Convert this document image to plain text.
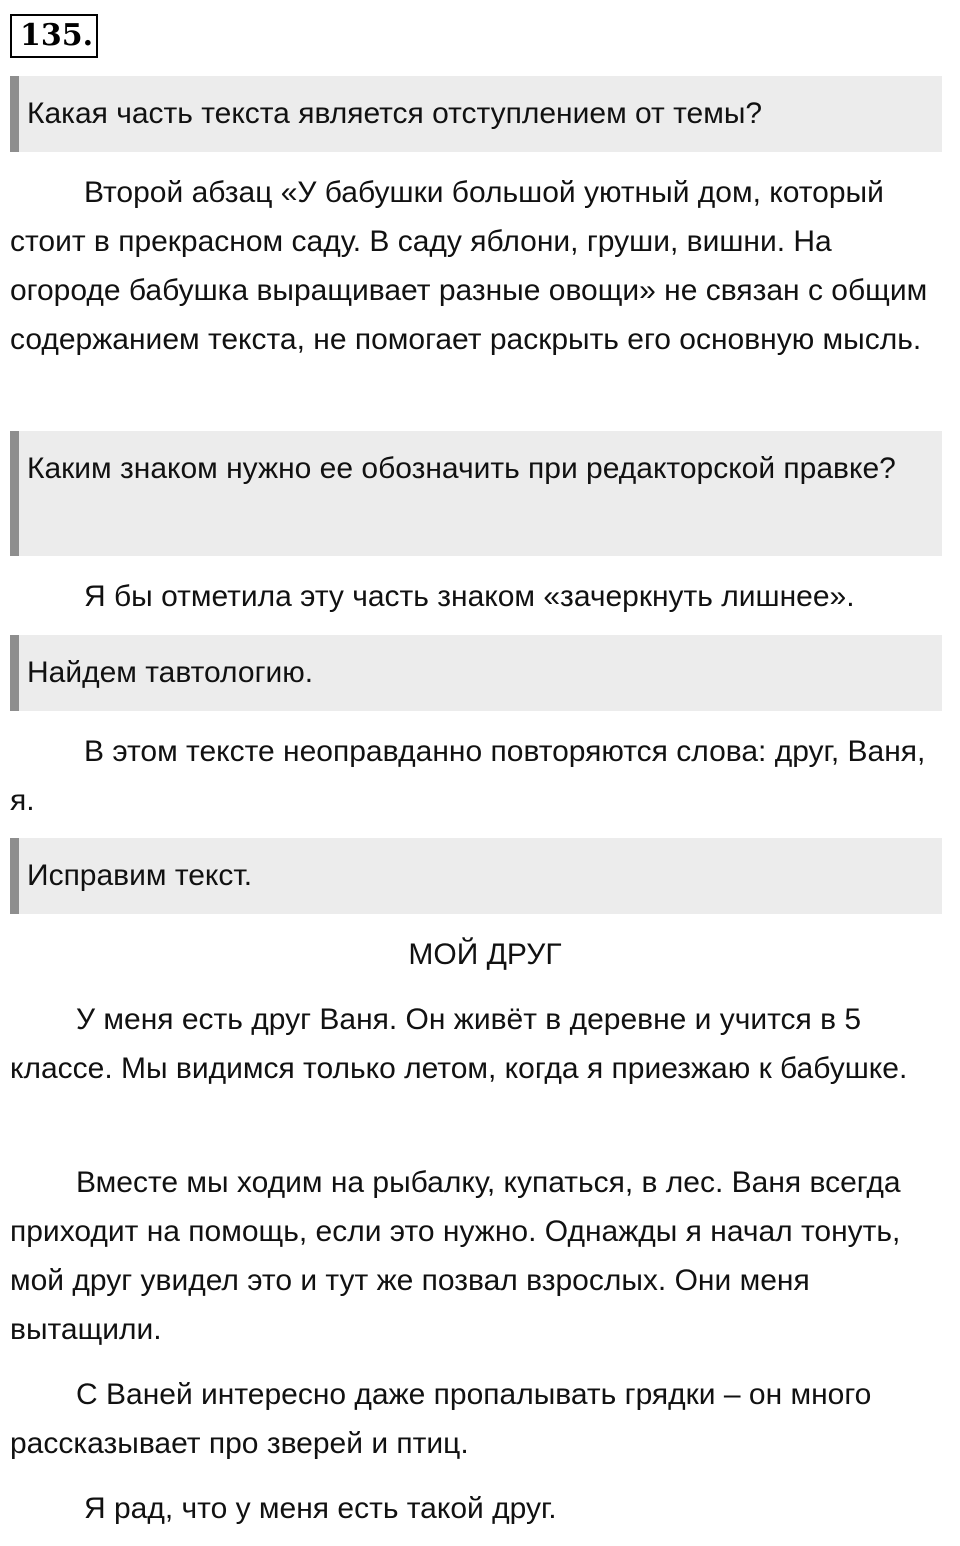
135.
Какая часть текста является отступлением от темы?

Второй абзац «У бабушки большой уютный дом, который стоит в прекрасном саду. В саду яблони, груши, вишни. На огороде бабушка выращивает разные овощи» не связан с общим содержанием текста, не помогает раскрыть его основную мысль.

Каким знаком нужно ее обозначить при редакторской правке?

Я бы отметила эту часть знаком «зачеркнуть лишнее».

Найдем тавтологию.

В этом тексте неоправданно повторяются слова: друг, Ваня, я.

Исправим текст.

МОЙ ДРУГ

У меня есть друг Ваня. Он живёт в деревне и учится в 5 классе. Мы видимся только летом, когда я приезжаю к бабушке.

Вместе мы ходим на рыбалку, купаться, в лес. Ваня всегда приходит на помощь, если это нужно. Однажды я начал тонуть, мой друг увидел это и тут же позвал взрослых. Они меня вытащили.

С Ваней интересно даже пропалывать грядки – он много рассказывает про зверей и птиц.

Я рад, что у меня есть такой друг.
